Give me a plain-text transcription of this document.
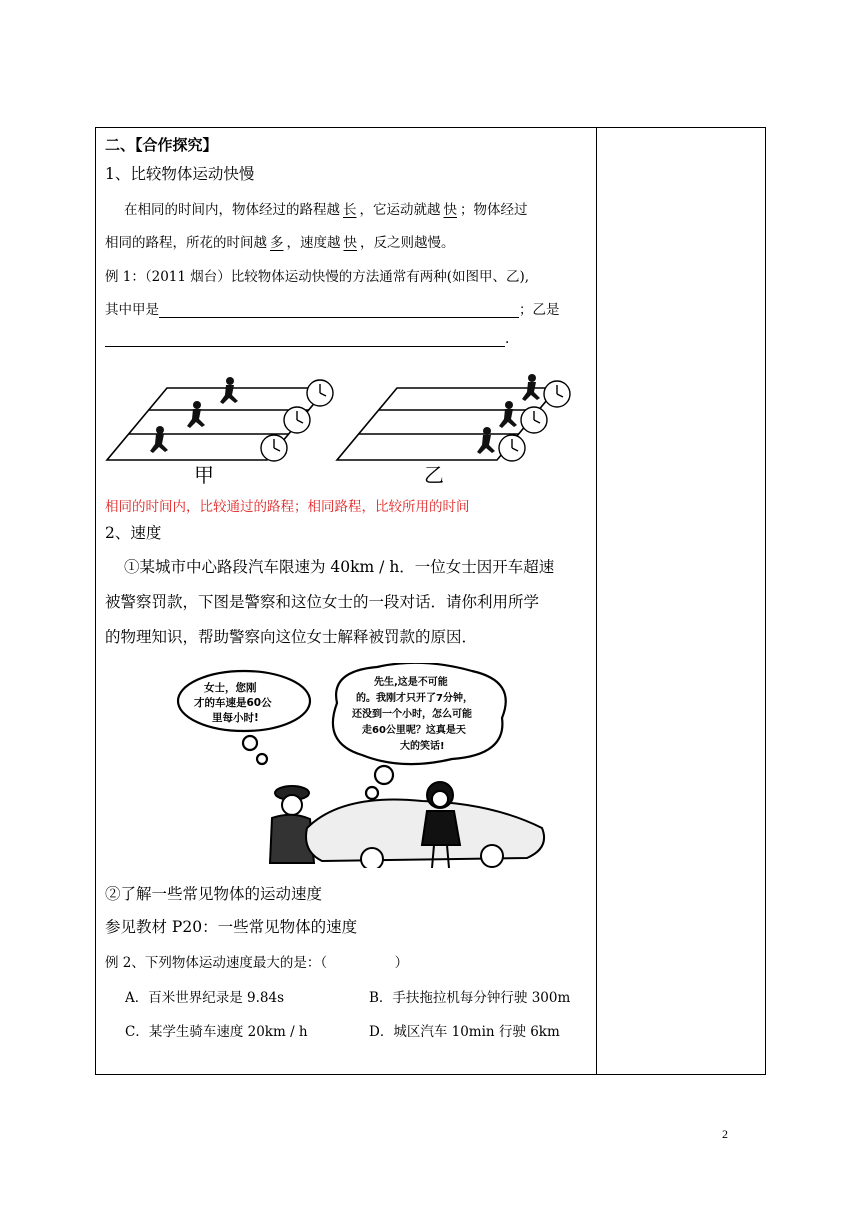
二、【合作探究】
1、比较物体运动快慢
在相同的时间内，物体经过的路程越 长 ，它运动就越 快 ；物体经过
相同的路程，所花的时间越 多 ，速度越 快 ，反之则越慢。
例 1：（2011 烟台）比较物体运动快慢的方法通常有两种(如图甲、乙),
其中甲是	；乙是
.
甲	乙
相同的时间内，比较通过的路程；相同路程，比较所用的时间
2、速度
①某城市中心路段汽车限速为 40km / h．一位女士因开车超速
被警察罚款，下图是警察和这位女士的一段对话．请你利用所学
的物理知识，帮助警察向这位女士解释被罚款的原因．
女士，您刚 才的车速是60公 里每小时!
先生,这是不可能 的。我刚才只开了7分钟， 还没到一个小时，怎么可能 走60公里呢？这真是天 大的笑话!
②了解一些常见物体的运动速度
参见教材 P20：一些常见物体的速度
例 2、下列物体运动速度最大的是：（　　　　　）
A．百米世界纪录是 9.84s	B．手扶拖拉机每分钟行驶 300m
C．某学生骑车速度 20km / h	D．城区汽车 10min 行驶 6km
2
